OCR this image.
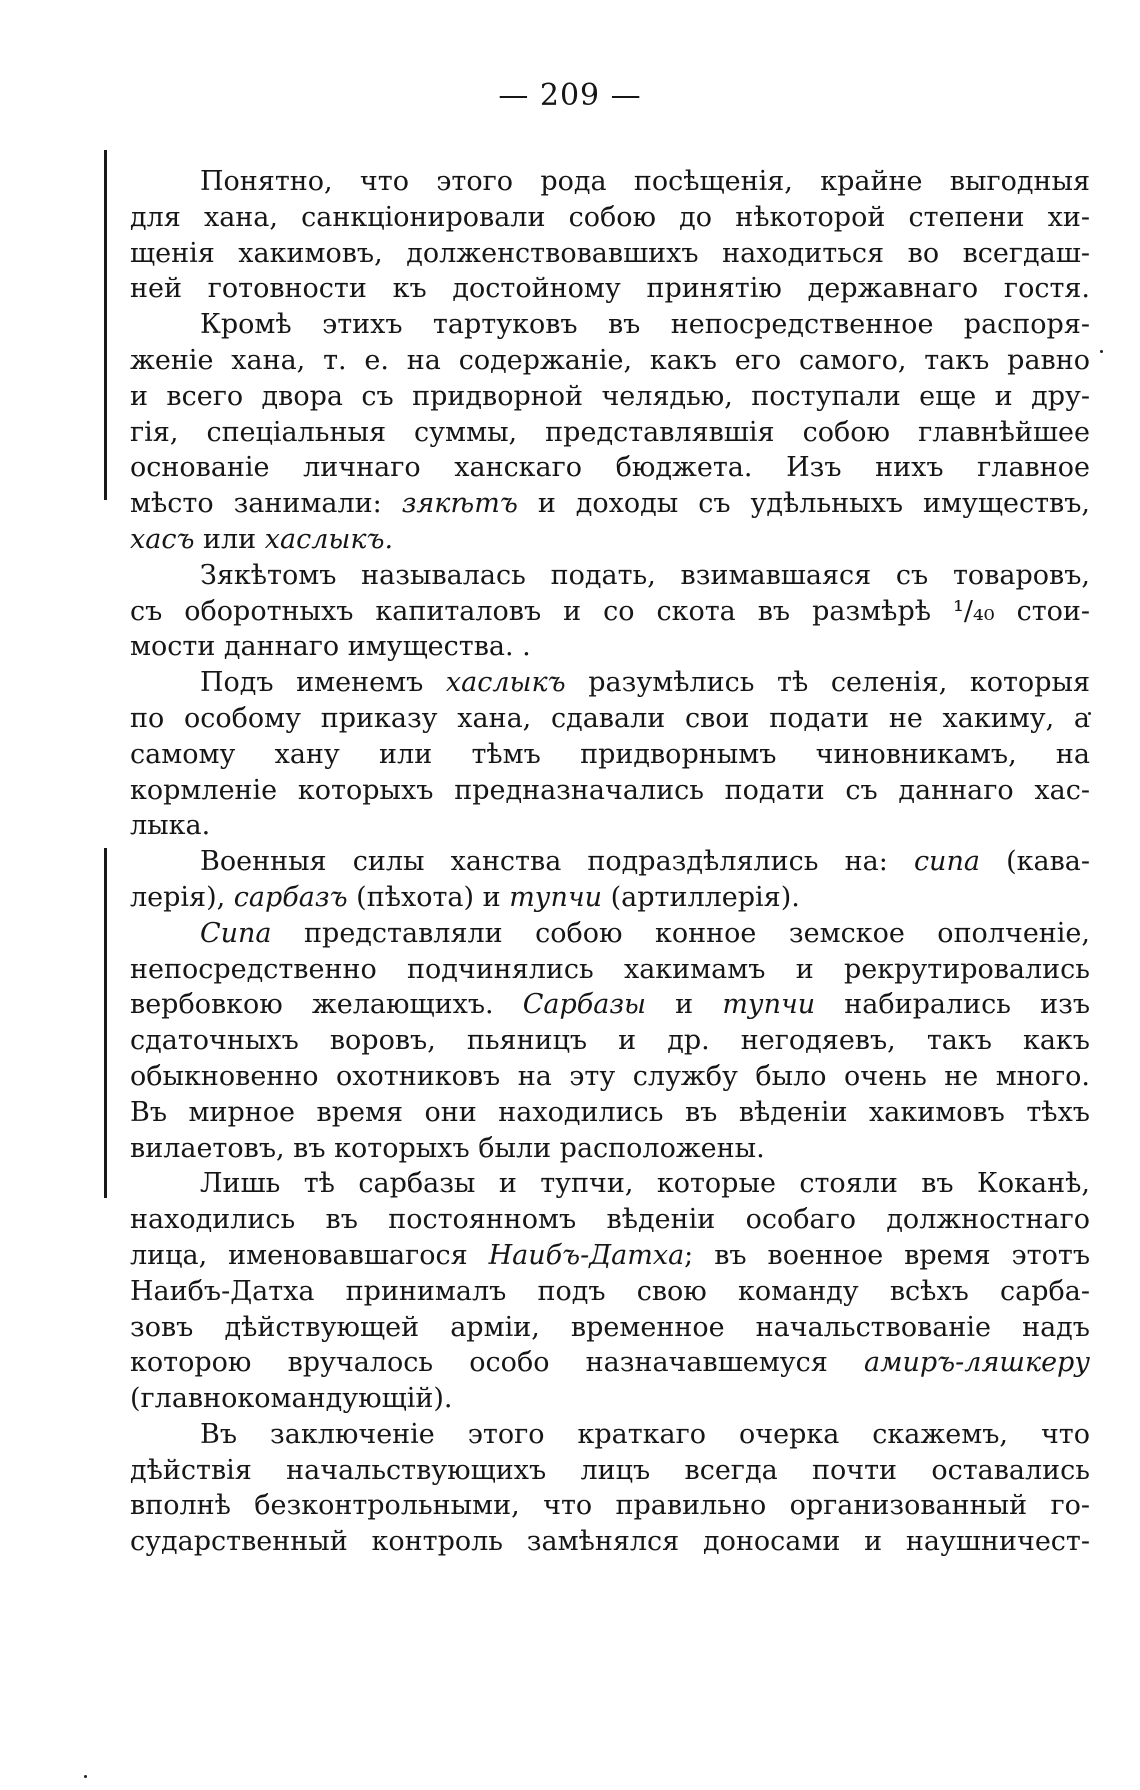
— 209 —
Понятно, что этого рода посѣщенія, крайне выгодныя
для хана, санкціонировали собою до нѣкоторой степени хи-
щенія хакимовъ, долженствовавшихъ находиться во всегдаш-
ней готовности къ достойному принятію державнаго гостя.
Кромѣ этихъ тартуковъ въ непосредственное распоря-
женіе хана, т. е. на содержаніе, какъ его самого, такъ равно
и всего двора съ придворной челядью, поступали еще и дру-
гія, спеціальныя суммы, представлявшія собою главнѣйшее
основаніе личнаго ханскаго бюджета. Изъ нихъ главное
мѣсто занимали: зякѣтъ и доходы съ удѣльныхъ имуществъ,
хасъ или хаслыкъ.
Зякѣтомъ называлась подать, взимавшаяся съ товаровъ,
съ оборотныхъ капиталовъ и со скота въ размѣрѣ ¹/₄₀ стои-
мости даннаго имущества. .
Подъ именемъ хаслыкъ разумѣлись тѣ селенія, которыя
по особому приказу хана, сдавали свои подати не хакиму, а
самому хану или тѣмъ придворнымъ чиновникамъ, на
кормленіе которыхъ предназначались подати съ даннаго хас-
лыка.
Военныя силы ханства подраздѣлялись на: сипа (кава-
лерія), сарбазъ (пѣхота) и тупчи (артиллерія).
Сипа представляли собою конное земское ополченіе,
непосредственно подчинялись хакимамъ и рекрутировались
вербовкою желающихъ. Сарбазы и тупчи набирались изъ
сдаточныхъ воровъ, пьяницъ и др. негодяевъ, такъ какъ
обыкновенно охотниковъ на эту службу было очень не много.
Въ мирное время они находились въ вѣденіи хакимовъ тѣхъ
вилаетовъ, въ которыхъ были расположены.
Лишь тѣ сарбазы и тупчи, которые стояли въ Коканѣ,
находились въ постоянномъ вѣденіи особаго должностнаго
лица, именовавшагося Наибъ-Датха; въ военное время этотъ
Наибъ-Датха принималъ подъ свою команду всѣхъ сарба-
зовъ дѣйствующей арміи, временное начальствованіе надъ
которою вручалось особо назначавшемуся амиръ-ляшкеру
(главнокомандующій).
Въ заключеніе этого краткаго очерка скажемъ, что
дѣйствія начальствующихъ лицъ всегда почти оставались
вполнѣ безконтрольными, что правильно организованный го-
сударственный контроль замѣнялся доносами и наушничест-
